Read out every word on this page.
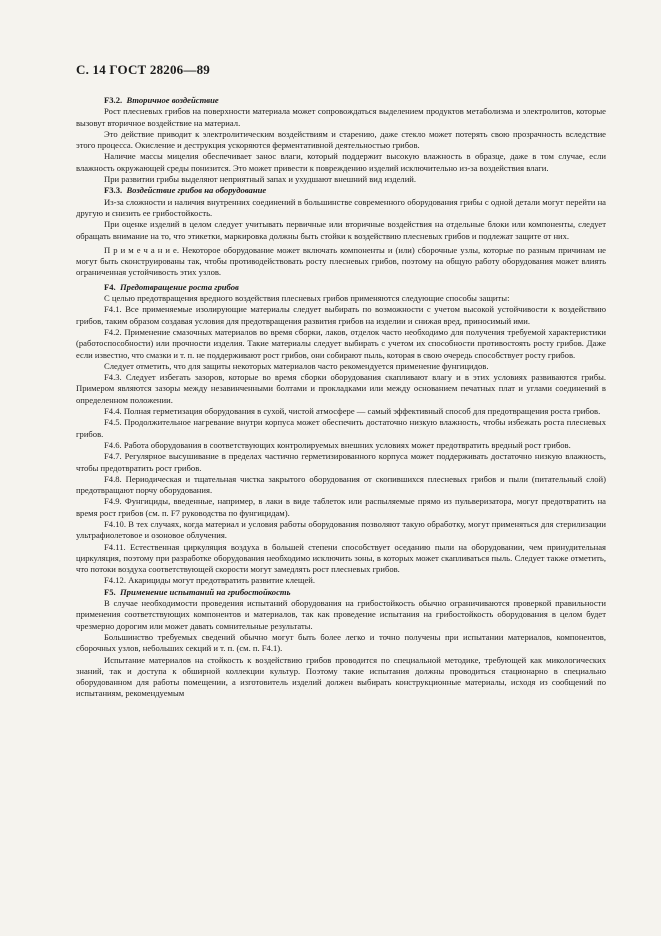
С. 14 ГОСТ 28206—89

F3.2. Вторичное воздействие

Рост плесневых грибов на поверхности материала может сопровождаться выделением продуктов метаболизма и электролитов, которые вызовут вторичное воздействие на материал.

Это действие приводит к электролитическим воздействиям и старению, даже стекло может потерять свою прозрачность вследствие этого процесса. Окисление и деструкция ускоряются ферментативной деятельностью грибов.

Наличие массы мицелия обеспечивает занос влаги, который поддержит высокую влажность в образце, даже в том случае, если влажность окружающей среды понизится. Это может привести к повреждению изделий исключительно из-за воздействия влаги.

При развитии грибы выделяют неприятный запах и ухудшают внешний вид изделий.

F3.3. Воздействие грибов на оборудование

Из-за сложности и наличия внутренних соединений в большинстве современного оборудования грибы с одной детали могут перейти на другую и снизить ее грибостойкость.

При оценке изделий в целом следует учитывать первичные или вторичные воздействия на отдельные блоки или компоненты, следует обращать внимание на то, что этикетки, маркировка должны быть стойки к воздействию плесневых грибов и подлежат защите от них.

П р и м е ч а н и е. Некоторое оборудование может включать компоненты и (или) сборочные узлы, которые по разным причинам не могут быть сконструированы так, чтобы противодействовать росту плесневых грибов, поэтому на общую работу оборудования может влиять ограниченная устойчивость этих узлов.

F4. Предотвращение роста грибов

С целью предотвращения вредного воздействия плесневых грибов применяются следующие способы защиты:

F4.1. Все применяемые изолирующие материалы следует выбирать по возможности с учетом высокой устойчивости к воздействию грибов, таким образом создавая условия для предотвращения развития грибов на изделии и снижая вред, приносимый ими.

F4.2. Применение смазочных материалов во время сборки, лаков, отделок часто необходимо для получения требуемой характеристики (работоспособности) или прочности изделия. Такие материалы следует выбирать с учетом их способности противостоять росту грибов. Даже если известно, что смазки и т. п. не поддерживают рост грибов, они собирают пыль, которая в свою очередь способствует росту грибов.

Следует отметить, что для защиты некоторых материалов часто рекомендуется применение фунгицидов.

F4.3. Следует избегать зазоров, которые во время сборки оборудования скапливают влагу и в этих условиях развиваются грибы. Примером являются зазоры между незавинченными болтами и прокладками или между основанием печатных плат и углами соединений в определенном положении.

F4.4. Полная герметизация оборудования в сухой, чистой атмосфере — самый эффективный способ для предотвращения роста грибов.

F4.5. Продолжительное нагревание внутри корпуса может обеспечить достаточно низкую влажность, чтобы избежать роста плесневых грибов.

F4.6. Работа оборудования в соответствующих контролируемых внешних условиях может предотвратить вредный рост грибов.

F4.7. Регулярное высушивание в пределах частично герметизированного корпуса может поддерживать достаточно низкую влажность, чтобы предотвратить рост грибов.

F4.8. Периодическая и тщательная чистка закрытого оборудования от скопившихся плесневых грибов и пыли (питательный слой) предотвращают порчу оборудования.

F4.9. Фунгициды, введенные, например, в лаки в виде таблеток или распыляемые прямо из пульверизатора, могут предотвратить на время рост грибов (см. п. F7 руководства по фунгицидам).

F4.10. В тех случаях, когда материал и условия работы оборудования позволяют такую обработку, могут применяться для стерилизации ультрафиолетовое и озоновое облучения.

F4.11. Естественная циркуляция воздуха в большей степени способствует оседанию пыли на оборудовании, чем принудительная циркуляция, поэтому при разработке оборудования необходимо исключить зоны, в которых может скапливаться пыль. Следует также отметить, что потоки воздуха соответствующей скорости могут замедлять рост плесневых грибов.

F4.12. Акарициды могут предотвратить развитие клещей.

F5. Применение испытаний на грибостойкость

В случае необходимости проведения испытаний оборудования на грибостойкость обычно ограничиваются проверкой правильности применения соответствующих компонентов и материалов, так как проведение испытания на грибостойкость оборудования в целом будет чрезмерно дорогим или может давать сомнительные результаты.

Большинство требуемых сведений обычно могут быть более легко и точно получены при испытании материалов, компонентов, сборочных узлов, небольших секций и т. п. (см. п. F4.1).

Испытание материалов на стойкость к воздействию грибов проводится по специальной методике, требующей как микологических знаний, так и доступа к обширной коллекции культур. Поэтому такие испытания должны проводиться стационарно в специально оборудованном для работы помещении, а изготовитель изделий должен выбирать конструкционные материалы, исходя из сообщений по испытаниям, рекомендуемым
